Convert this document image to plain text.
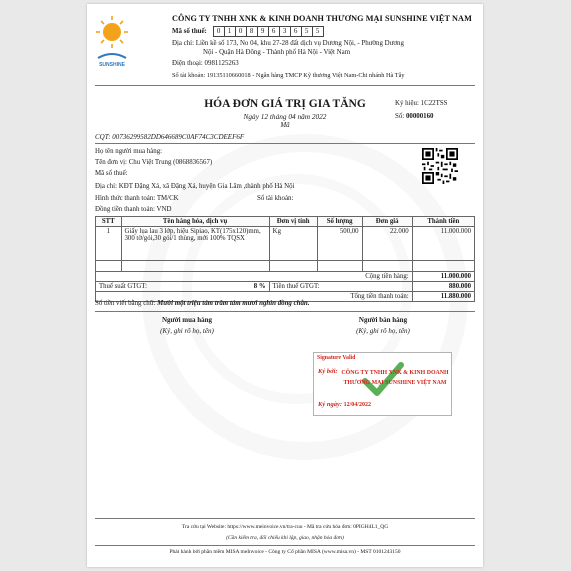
SUNSHINE
CÔNG TY TNHH XNK & KINH DOANH THƯƠNG MẠI SUNSHINE VIỆT NAM
Mã số thuế:	0	1	0	8	9	6	3	6	5	5
Địa chỉ: Liền kề số 173, No 04, khu 27-28 đất dịch vụ Dương Nội, - Phường Dương
Nội - Quận Hà Đông - Thành phố Hà Nội - Việt Nam
Điện thoại: 0981125263
Số tài khoản: 19135110660018 - Ngân hàng TMCP Kỹ thương Việt Nam-Chi nhánh Hà Tây
HÓA ĐƠN GIÁ TRỊ GIA TĂNG
Ngày 12 tháng 04 năm 2022
Mã
Ký hiệu: 1C22TSS
Số: 00000160
CQT: 00736299582DD646689C0AF74C3CDEEF6F
Họ tên người mua hàng:
Tên đơn vị: Chu Việt Trung (0868836567)
Mã số thuế:
Địa chỉ: KĐT Đặng Xá, xã Đặng Xá, huyện Gia Lâm ,thành phố Hà Nội
Hình thức thanh toán: TM/CK	Số tài khoản:
Đồng tiền thanh toán: VND
STT	Tên hàng hóa, dịch vụ	Đơn vị tính	Số lượng	Đơn giá	Thành tiền
1	Giấy lụa lau 3 lớp, hiệu Sipiao, KT(175x120)mm, 300 tờ/gói,30 gói/1 thùng, mới 100% TQSX	Kg	500,00	22.000	11.000.000

Cộng tiền hàng:					11.000.000
Thuế suất GTGT: 8 %		Tiền thuế GTGT:			880.000
Tổng tiền thanh toán:					11.880.000
Số tiền viết bằng chữ: Mười một triệu tám trăm tám mươi nghìn đồng chẵn.
Người mua hàng
(Ký, ghi rõ họ, tên)
Người bán hàng
(Ký, ghi rõ họ, tên)
Signature Valid
Ký bởi: CÔNG TY TNHH XNK & KINH DOANH THƯƠNG MẠI SUNSHINE VIỆT NAM
Ký ngày: 12/04/2022
Tra cứu tại Website: https://www.meinvoice.vn/tra-cuu - Mã tra cứu hóa đơn: 0PIGH4L1_QG
(Cần kiểm tra, đối chiếu khi lập, giao, nhận hóa đơn)
Phát hành bởi phần mềm MISA meInvoice - Công ty Cổ phần MISA (www.misa.vn) - MST 0101243150
